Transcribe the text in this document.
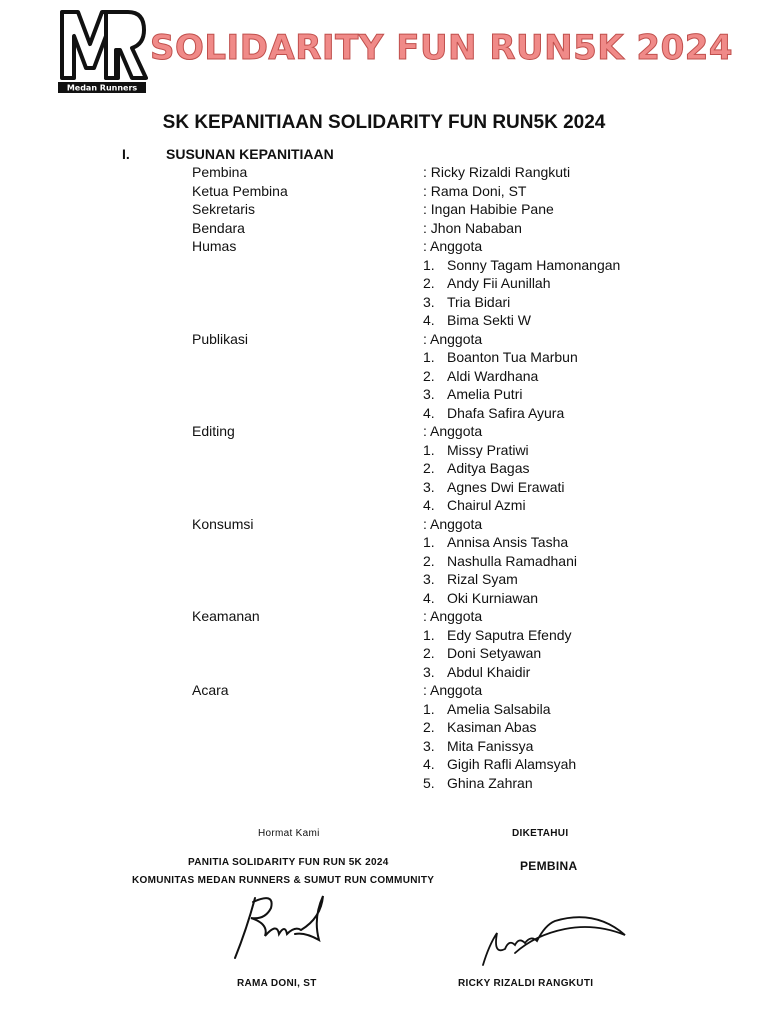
Medan Runners
SOLIDARITY FUN RUN5K 2024
SK KEPANITIAAN SOLIDARITY FUN RUN5K 2024
I.	SUSUNAN KEPANITIAAN
Pembina	: Ricky Rizaldi Rangkuti
Ketua Pembina	: Rama Doni, ST
Sekretaris	: Ingan Habibie Pane
Bendara	: Jhon Nababan
Humas	: Anggota
1. Sonny Tagam Hamonangan
2. Andy Fii Aunillah
3. Tria Bidari
4. Bima Sekti W
Publikasi	: Anggota
1. Boanton Tua Marbun
2. Aldi Wardhana
3. Amelia Putri
4. Dhafa Safira Ayura
Editing	: Anggota
1. Missy Pratiwi
2. Aditya Bagas
3. Agnes Dwi Erawati
4. Chairul Azmi
Konsumsi	: Anggota
1. Annisa Ansis Tasha
2. Nashulla Ramadhani
3. Rizal Syam
4. Oki Kurniawan
Keamanan	: Anggota
1. Edy Saputra Efendy
2. Doni Setyawan
3. Abdul Khaidir
Acara	: Anggota
1. Amelia Salsabila
2. Kasiman Abas
3. Mita Fanissya
4. Gigih Rafli Alamsyah
5. Ghina Zahran
Hormat Kami
PANITIA SOLIDARITY FUN RUN 5K 2024
KOMUNITAS MEDAN RUNNERS & SUMUT RUN COMMUNITY
RAMA DONI, ST
DIKETAHUI
PEMBINA
RICKY RIZALDI RANGKUTI
